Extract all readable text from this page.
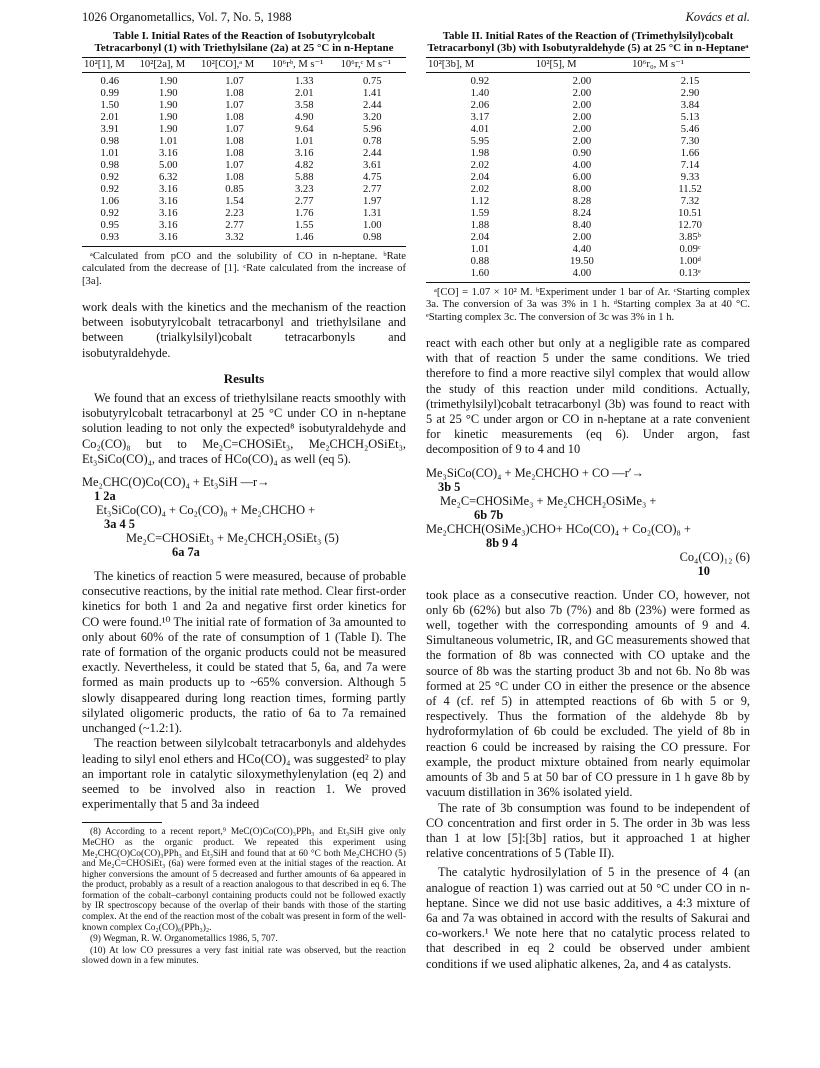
1026 Organometallics, Vol. 7, No. 5, 1988	Kovács et al.
Table I. Initial Rates of the Reaction of Isobutyrylcobalt Tetracarbonyl (1) with Triethylsilane (2a) at 25 °C in n-Heptane
10²[1], M	10²[2a], M	10²[CO],ᵃ M	10⁶rᵇ, M s⁻¹	10⁶r,ᶜ M s⁻¹
0.46	1.90	1.07	1.33	0.75
0.99	1.90	1.08	2.01	1.41
1.50	1.90	1.07	3.58	2.44
2.01	1.90	1.08	4.90	3.20
3.91	1.90	1.07	9.64	5.96
0.98	1.01	1.08	1.01	0.78
1.01	3.16	1.08	3.16	2.44
0.98	5.00	1.07	4.82	3.61
0.92	6.32	1.08	5.88	4.75
0.92	3.16	0.85	3.23	2.77
1.06	3.16	1.54	2.77	1.97
0.92	3.16	2.23	1.76	1.31
0.95	3.16	2.77	1.55	1.00
0.93	3.16	3.32	1.46	0.98

ᵃCalculated from pCO and the solubility of CO in n-heptane. ᵇRate calculated from the decrease of [1]. ᶜRate calculated from the increase of [3a].

work deals with the kinetics and the mechanism of the reaction between isobutyrylcobalt tetracarbonyl and triethylsilane and between (trialkylsilyl)cobalt tetracarbonyls and isobutyraldehyde.

Results

We found that an excess of triethylsilane reacts smoothly with isobutyrylcobalt tetracarbonyl at 25 °C under CO in n-heptane solution leading to not only the expected⁸ isobutyraldehyde and Co₂(CO)₈ but to Me₂C=CHOSiEt₃, Me₂CHCH₂OSiEt₃, Et₃SiCo(CO)₄, and traces of HCo(CO)₄ as well (eq 5).

Me₂CHC(O)Co(CO)₄ + Et₃SiH —r→
1 2a
Et₃SiCo(CO)₄ + Co₂(CO)₈ + Me₂CHCHO +
3a 4 5
Me₂C=CHOSiEt₃ + Me₂CHCH₂OSiEt₃ (5)
6a 7a

The kinetics of reaction 5 were measured, because of probable consecutive reactions, by the initial rate method. Clear first-order kinetics for both 1 and 2a and negative first order kinetics for CO were found.¹⁰ The initial rate of formation of 3a amounted to only about 60% of the rate of consumption of 1 (Table I). The rate of formation of the organic products could not be measured exactly. Nevertheless, it could be stated that 5, 6a, and 7a were formed as main products up to ~65% conversion. Although 5 slowly disappeared during long reaction times, forming partly silylated oligomeric products, the ratio of 6a to 7a remained unchanged (~1.2:1).

The reaction between silylcobalt tetracarbonyls and aldehydes leading to silyl enol ethers and HCo(CO)₄ was suggested² to play an important role in catalytic siloxymethylenylation (eq 2) and seemed to be involved also in reaction 1. We proved experimentally that 5 and 3a indeed

(8) According to a recent report,⁹ MeC(O)Co(CO)₃PPh₃ and Et₃SiH give only MeCHO as the organic product. We repeated this experiment using Me₂CHC(O)Co(CO)₃PPh₃ and Et₃SiH and found that at 60 °C both Me₂CHCHO (5) and Me₂C=CHOSiEt₃ (6a) were formed even at the initial stages of the reaction. At higher conversions the amount of 5 decreased and further amounts of 6a appeared in the product, probably as a result of a reaction analogous to that described in eq 6. The formation of the cobalt–carbonyl containing products could not be followed exactly by IR spectroscopy because of the overlap of their bands with those of the starting complex. At the end of the reaction most of the cobalt was present in form of the well-known complex Co₂(CO)₆(PPh₃)₂.

(9) Wegman, R. W. Organometallics 1986, 5, 707.

(10) At low CO pressures a very fast initial rate was observed, but the reaction slowed down in a few minutes.

Table II. Initial Rates of the Reaction of (Trimethylsilyl)cobalt Tetracarbonyl (3b) with Isobutyraldehyde (5) at 25 °C in n-Heptaneᵃ
10²[3b], M	10²[5], M	10⁶r₀, M s⁻¹
0.92	2.00	2.15
1.40	2.00	2.90
2.06	2.00	3.84
3.17	2.00	5.13
4.01	2.00	5.46
5.95	2.00	7.30
1.98	0.90	1.66
2.02	4.00	7.14
2.04	6.00	9.33
2.02	8.00	11.52
1.12	8.28	7.32
1.59	8.24	10.51
1.88	8.40	12.70
2.04	2.00	3.85ᵇ
1.01	4.40	0.09ᶜ
0.88	19.50	1.00ᵈ
1.60	4.00	0.13ᵉ

ᵃ[CO] = 1.07 × 10² M. ᵇExperiment under 1 bar of Ar. ᶜStarting complex 3a. The conversion of 3a was 3% in 1 h. ᵈStarting complex 3a at 40 °C. ᵉStarting complex 3c. The conversion of 3c was 3% in 1 h.

react with each other but only at a negligible rate as compared with that of reaction 5 under the same conditions. We tried therefore to find a more reactive silyl complex that would allow the study of this reaction under mild conditions. Actually, (trimethylsilyl)cobalt tetracarbonyl (3b) was found to react with 5 at 25 °C under argon or CO in n-heptane at a rate convenient for kinetic measurements (eq 6). Under argon, fast decomposition of 9 to 4 and 10

Me₃SiCo(CO)₄ + Me₂CHCHO + CO —r′→
3b 5
Me₂C=CHOSiMe₃ + Me₂CHCH₂OSiMe₃ +
6b 7b
Me₂CHCH(OSiMe₃)CHO+ HCo(CO)₄ + Co₂(CO)₈ +
8b 9 4
Co₄(CO)₁₂ (6)
10

took place as a consecutive reaction. Under CO, however, not only 6b (62%) but also 7b (7%) and 8b (23%) were formed as well, together with the corresponding amounts of 9 and 4. Simultaneous volumetric, IR, and GC measurements showed that the formation of 8b was connected with CO uptake and the source of 8b was the starting product 3b and not 6b. No 8b was formed at 25 °C under CO in either the presence or the absence of 4 (cf. ref 5) in attempted reactions of 6b with 5 or 9, respectively. Thus the formation of the aldehyde 8b by hydroformylation of 6b could be excluded. The yield of 8b in reaction 6 could be increased by raising the CO pressure. For example, the product mixture obtained from nearly equimolar amounts of 3b and 5 at 50 bar of CO pressure in 1 h gave 8b by vacuum distillation in 36% isolated yield.

The rate of 3b consumption was found to be independent of CO concentration and first order in 5. The order in 3b was less than 1 at low [5]:[3b] ratios, but it approached 1 at higher relative concentrations of 5 (Table II).

The catalytic hydrosilylation of 5 in the presence of 4 (an analogue of reaction 1) was carried out at 50 °C under CO in n-heptane. Since we did not use basic additives, a 4:3 mixture of 6a and 7a was obtained in accord with the results of Sakurai and co-workers.¹ We note here that no catalytic process related to that described in eq 2 could be observed under ambient conditions if we used aliphatic alkenes, 2a, and 4 as catalysts.
